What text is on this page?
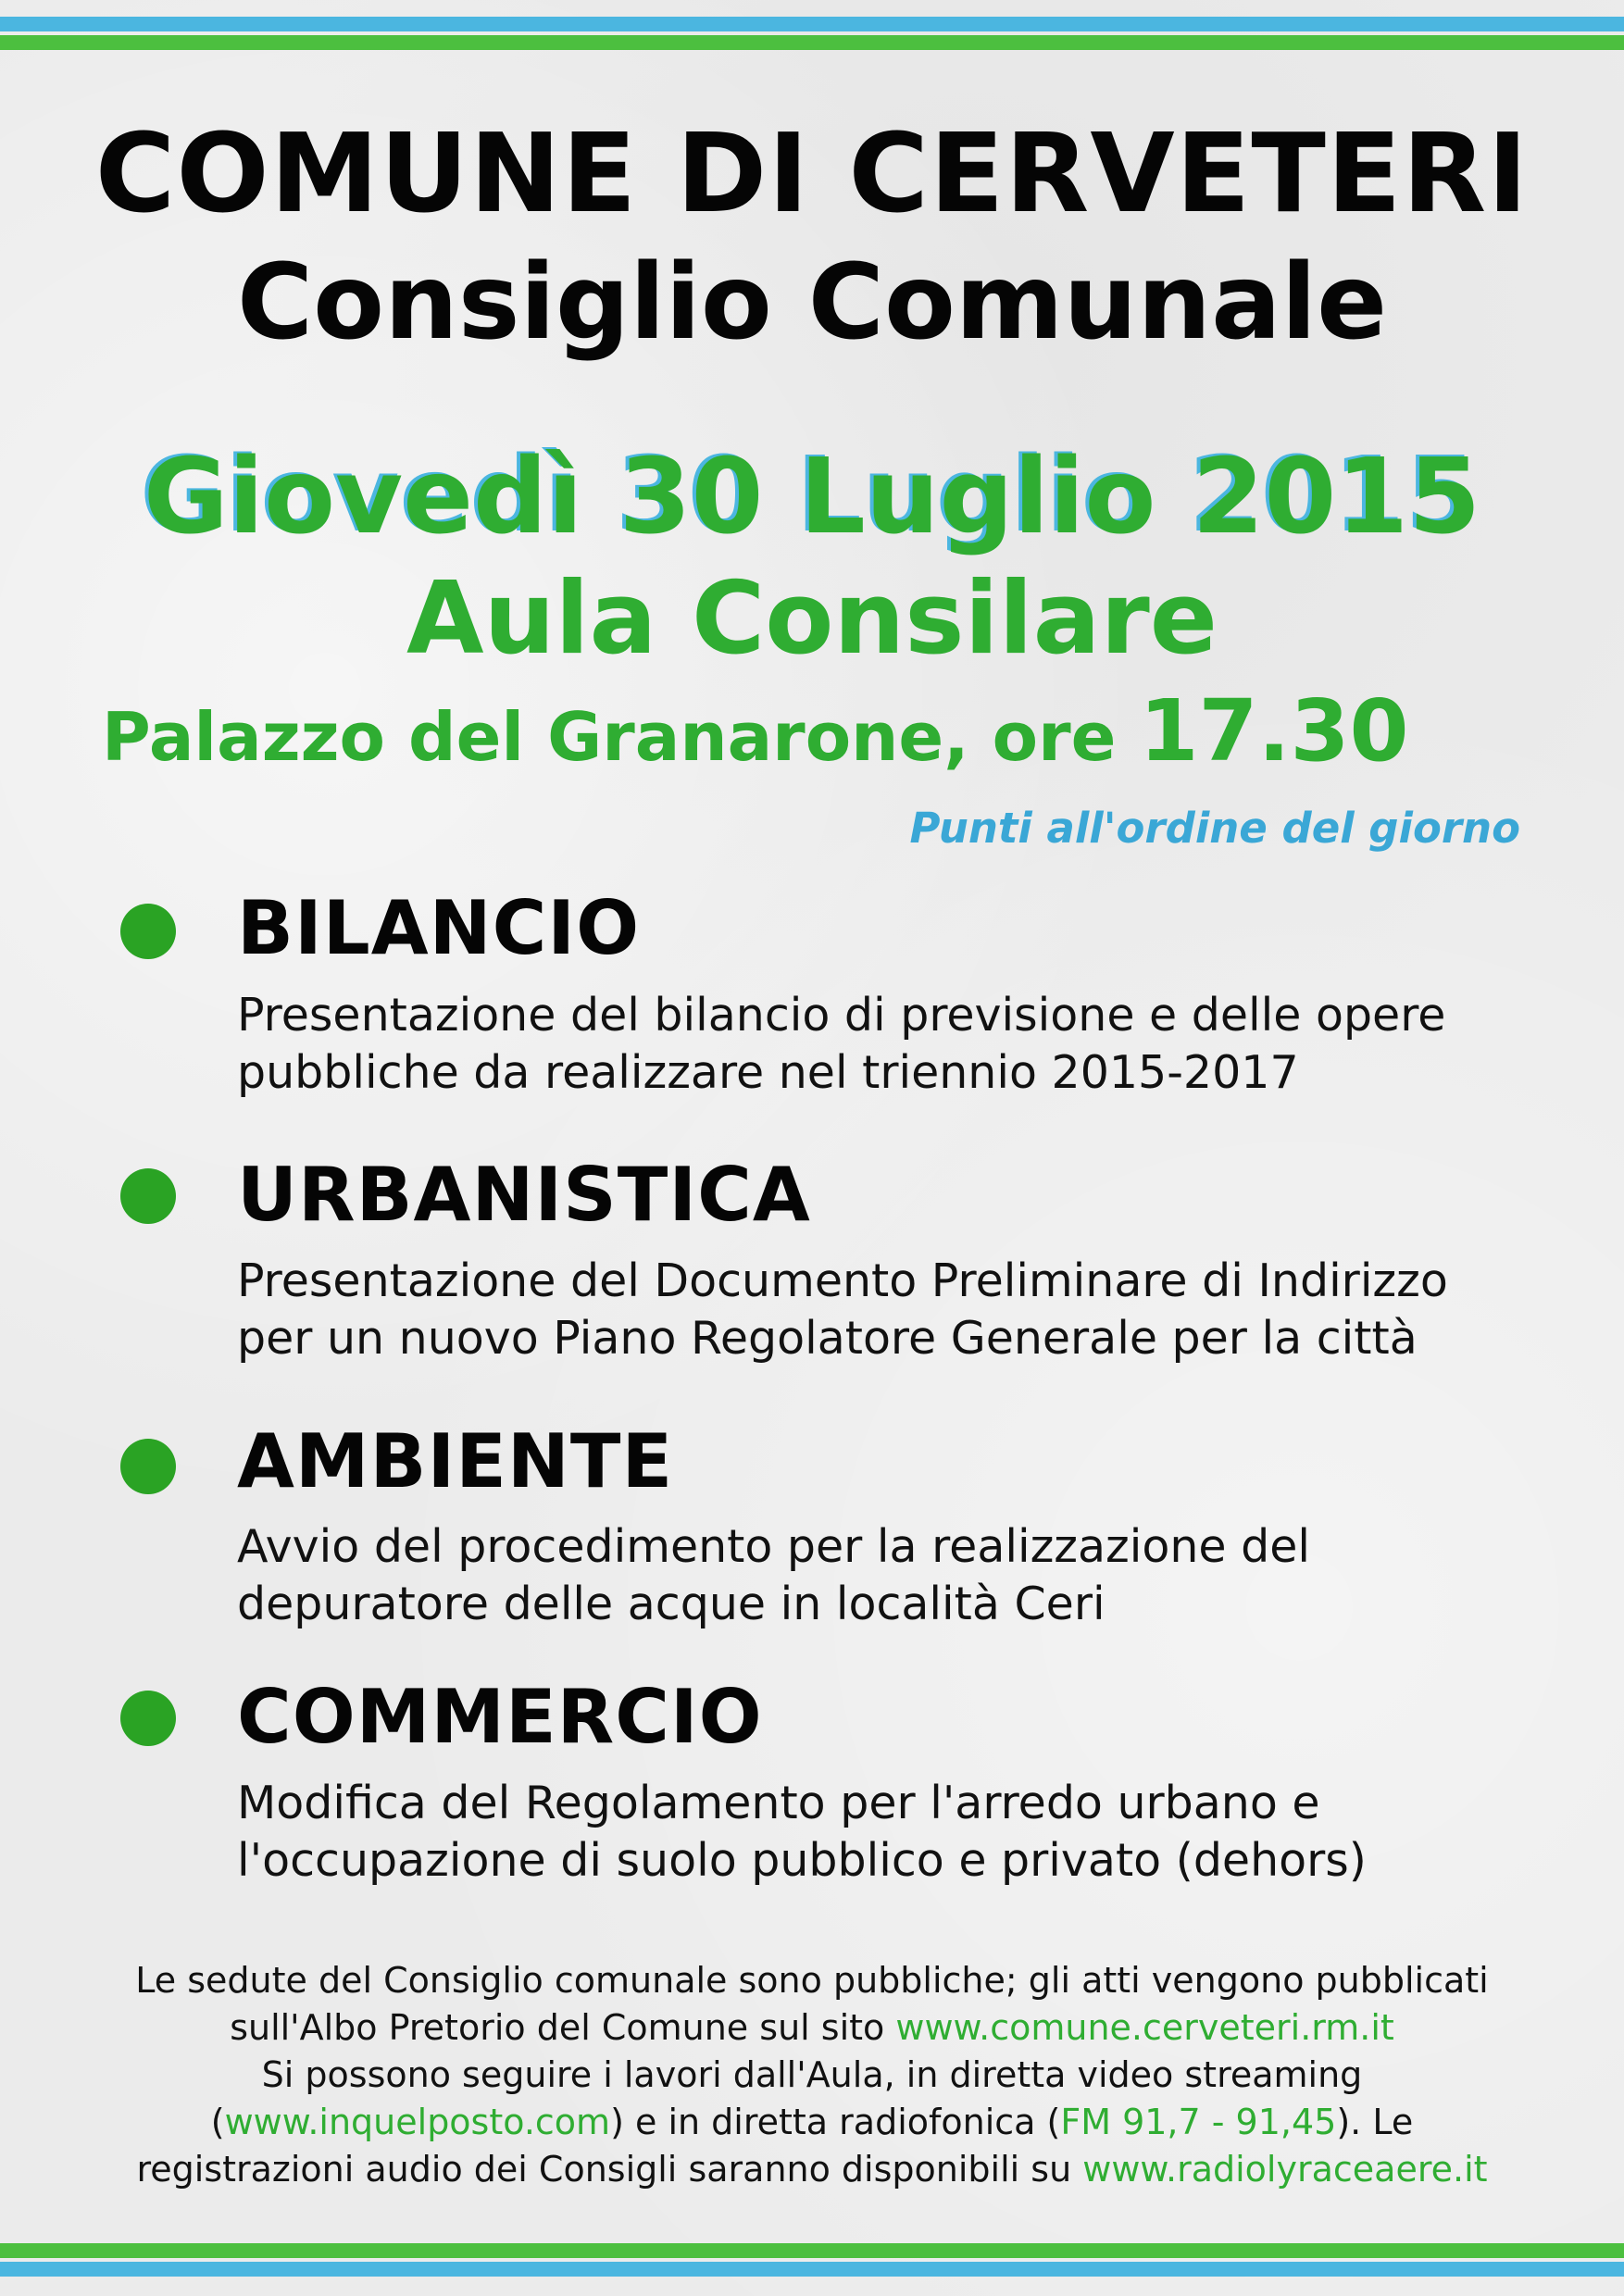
COMUNE DI CERVETERI
Consiglio Comunale
Giovedì 30 Luglio 2015
Aula Consilare
Palazzo del Granarone, ore 17.30
Punti all'ordine del giorno
BILANCIO
Presentazione del bilancio di previsione e delle opere
pubbliche da realizzare nel triennio 2015-2017
URBANISTICA
Presentazione del Documento Preliminare di Indirizzo
per un nuovo Piano Regolatore Generale per la città
AMBIENTE
Avvio del procedimento per la realizzazione del
depuratore delle acque in località Ceri
COMMERCIO
Modifica del Regolamento per l'arredo urbano e
l'occupazione di suolo pubblico e privato (dehors)
Le sedute del Consiglio comunale sono pubbliche; gli atti vengono pubblicati
sull'Albo Pretorio del Comune sul sito www.comune.cerveteri.rm.it
Si possono seguire i lavori dall'Aula, in diretta video streaming
(www.inquelposto.com) e in diretta radiofonica (FM 91,7 - 91,45). Le
registrazioni audio dei Consigli saranno disponibili su www.radiolyraceaere.it
